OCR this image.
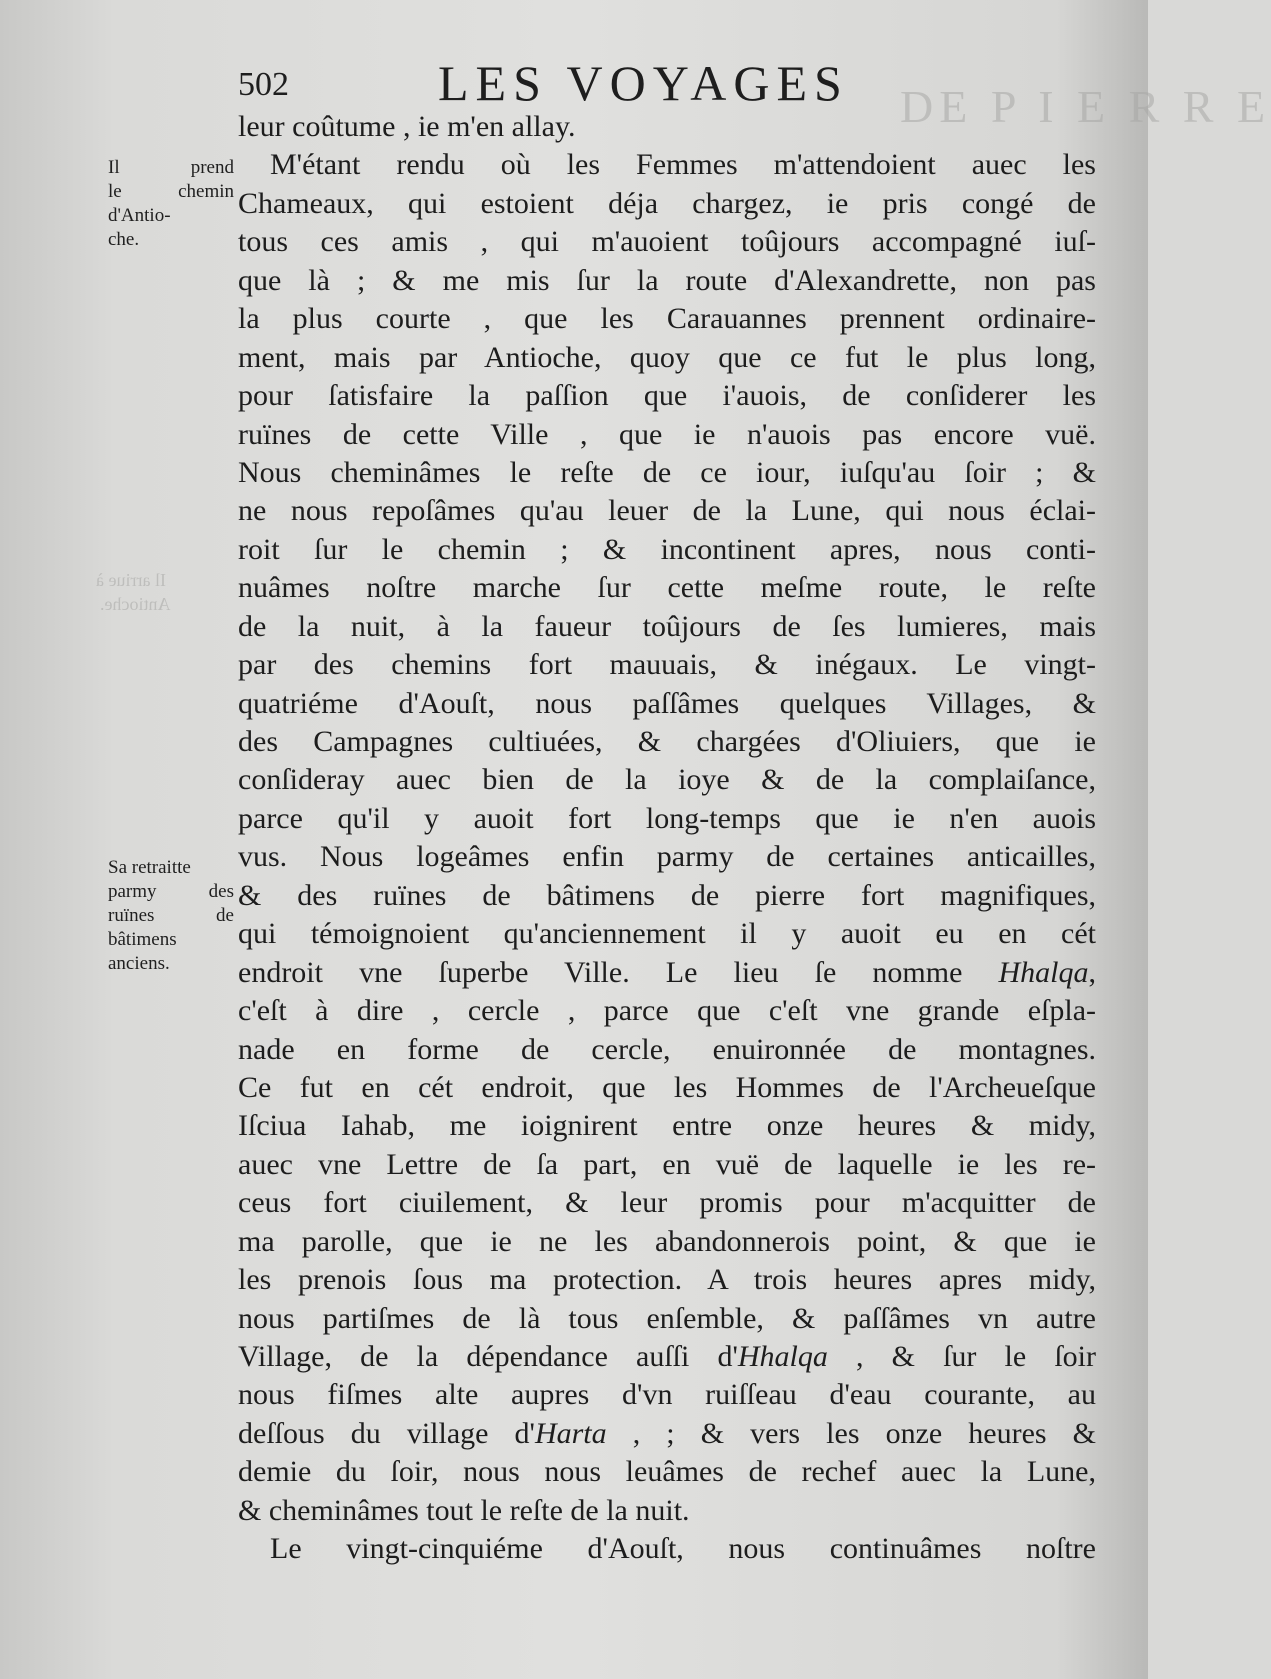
DE P I E R R E
Il arriue à
Antioche.
502	LES VOYAGES
Il prend
le chemin
d'Antio-
che.
Sa retraitte
parmy des
ruïnes de
bâtimens
anciens.
leur coûtume , ie m'en allay.
M'étant rendu où les Femmes m'attendoient auec les
Chameaux, qui estoient déja chargez, ie pris congé de
tous ces amis , qui m'auoient toûjours accompagné iuſ-
que là ; & me mis ſur la route d'Alexandrette, non pas
la plus courte , que les Carauannes prennent ordinaire-
ment, mais par Antioche, quoy que ce fut le plus long,
pour ſatisfaire la paſſion que i'auois, de conſiderer les
ruïnes de cette Ville , que ie n'auois pas encore vuë.
Nous cheminâmes le reſte de ce iour, iuſqu'au ſoir ; &
ne nous repoſâmes qu'au leuer de la Lune, qui nous éclai-
roit ſur le chemin ; & incontinent apres, nous conti-
nuâmes noſtre marche ſur cette meſme route, le reſte
de la nuit, à la faueur toûjours de ſes lumieres, mais
par des chemins fort mauuais, & inégaux. Le vingt-
quatriéme d'Aouſt, nous paſſâmes quelques Villages, &
des Campagnes cultiuées, & chargées d'Oliuiers, que ie
conſideray auec bien de la ioye & de la complaiſance,
parce qu'il y auoit fort long-temps que ie n'en auois
vus. Nous logeâmes enfin parmy de certaines anticailles,
& des ruïnes de bâtimens de pierre fort magnifiques,
qui témoignoient qu'anciennement il y auoit eu en cét
endroit vne ſuperbe Ville. Le lieu ſe nomme Hhalqa,
c'eſt à dire , cercle , parce que c'eſt vne grande eſpla-
nade en forme de cercle, enuironnée de montagnes.
Ce fut en cét endroit, que les Hommes de l'Archeueſque
Iſciua Iahab, me ioignirent entre onze heures & midy,
auec vne Lettre de ſa part, en vuë de laquelle ie les re-
ceus fort ciuilement, & leur promis pour m'acquitter de
ma parolle, que ie ne les abandonnerois point, & que ie
les prenois ſous ma protection. A trois heures apres midy,
nous partiſmes de là tous enſemble, & paſſâmes vn autre
Village, de la dépendance auſſi d'Hhalqa , & ſur le ſoir
nous fiſmes alte aupres d'vn ruiſſeau d'eau courante, au
deſſous du village d'Harta , ; & vers les onze heures &
demie du ſoir, nous nous leuâmes de rechef auec la Lune,
& cheminâmes tout le reſte de la nuit.
Le vingt-cinquiéme d'Aouſt, nous continuâmes noſtre
